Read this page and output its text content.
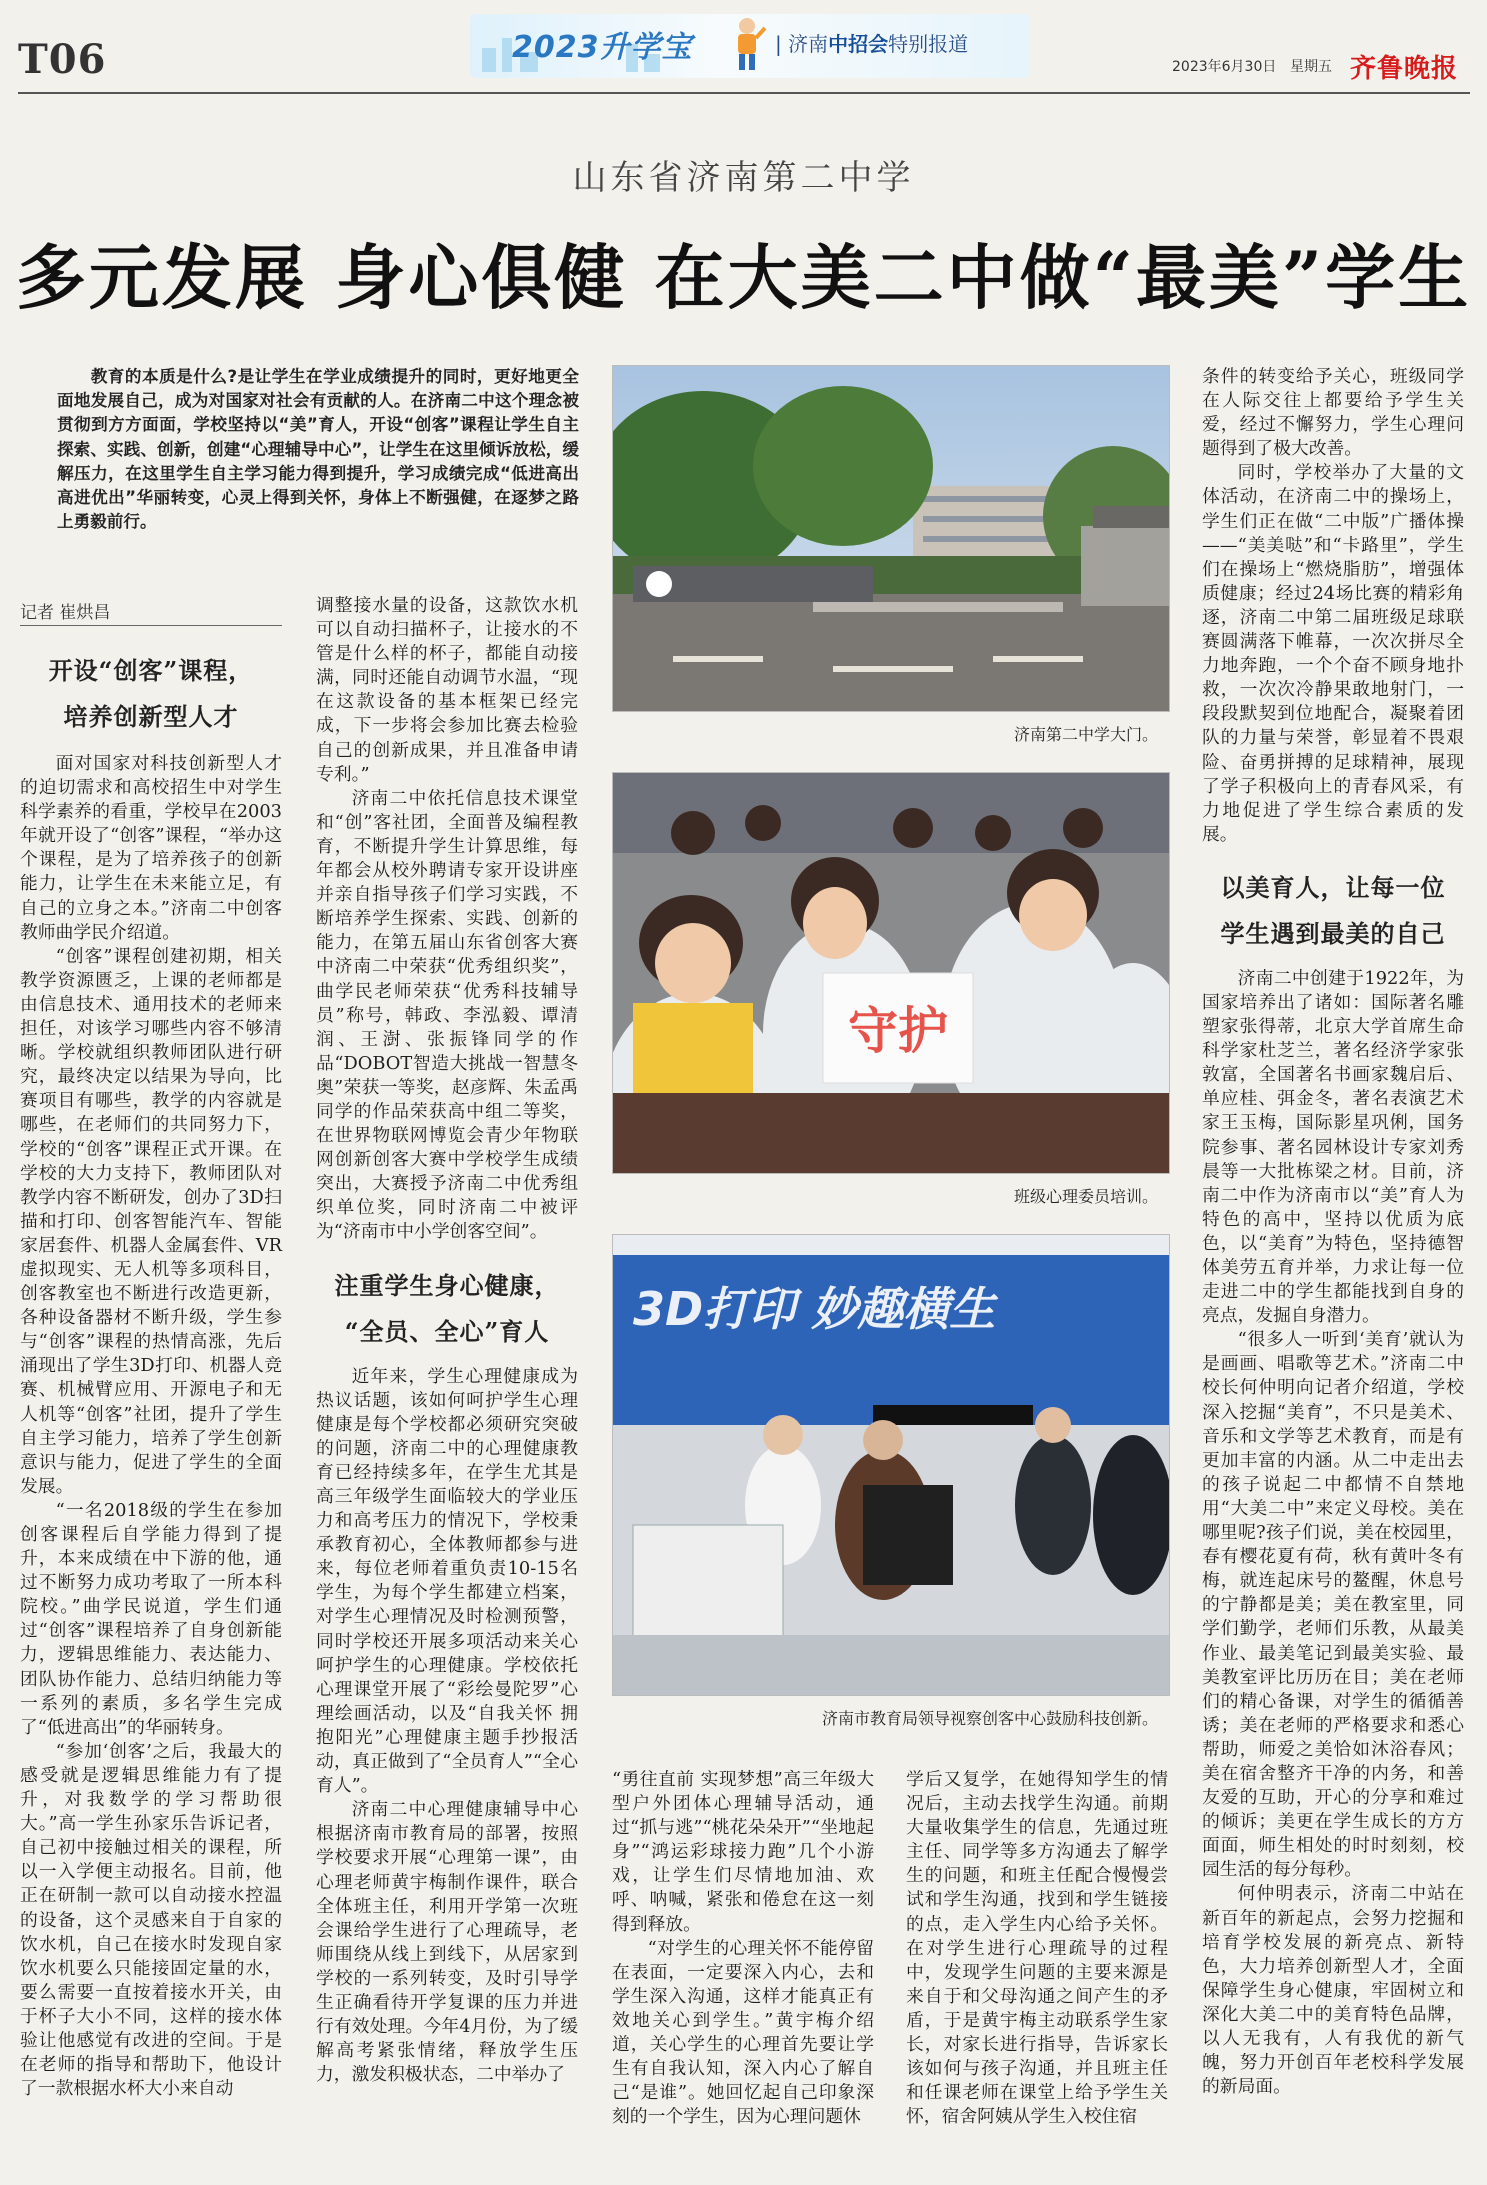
T06	2023升学宝	| 济南中招会特别报道
2023年6月30日 星期五 齐鲁晚报
山东省济南第二中学
多元发展 身心俱健 在大美二中做“最美”学生
教育的本质是什么?是让学生在学业成绩提升的同时，更好地更全面地发展自己，成为对国家对社会有贡献的人。在济南二中这个理念被贯彻到方方面面，学校坚持以“美”育人，开设“创客”课程让学生自主探索、实践、创新，创建“心理辅导中心”，让学生在这里倾诉放松，缓解压力，在这里学生自主学习能力得到提升，学习成绩完成“低进高出 高进优出”华丽转变，心灵上得到关怀，身体上不断强健，在逐梦之路上勇毅前行。
记者 崔烘昌
开设“创客”课程，
培养创新型人才

面对国家对科技创新型人才的迫切需求和高校招生中对学生科学素养的看重，学校早在2003年就开设了“创客”课程，“举办这个课程，是为了培养孩子的创新能力，让学生在未来能立足，有自己的立身之本。”济南二中创客教师曲学民介绍道。

“创客”课程创建初期，相关教学资源匮乏，上课的老师都是由信息技术、通用技术的老师来担任，对该学习哪些内容不够清晰。学校就组织教师团队进行研究，最终决定以结果为导向，比赛项目有哪些，教学的内容就是哪些，在老师们的共同努力下，学校的“创客”课程正式开课。在学校的大力支持下，教师团队对教学内容不断研发，创办了3D扫描和打印、创客智能汽车、智能家居套件、机器人金属套件、VR虚拟现实、无人机等多项科目，创客教室也不断进行改造更新，各种设备器材不断升级，学生参与“创客”课程的热情高涨，先后涌现出了学生3D打印、机器人竞赛、机械臂应用、开源电子和无人机等“创客”社团，提升了学生自主学习能力，培养了学生创新意识与能力，促进了学生的全面发展。

“一名2018级的学生在参加创客课程后自学能力得到了提升，本来成绩在中下游的他，通过不断努力成功考取了一所本科院校。”曲学民说道，学生们通过“创客”课程培养了自身创新能力，逻辑思维能力、表达能力、团队协作能力、总结归纳能力等一系列的素质，多名学生完成了“低进高出”的华丽转身。

“参加‘创客’之后，我最大的感受就是逻辑思维能力有了提升，对我数学的学习帮助很大。”高一学生孙家乐告诉记者，自己初中接触过相关的课程，所以一入学便主动报名。目前，他正在研制一款可以自动接水控温的设备，这个灵感来自于自家的饮水机，自己在接水时发现自家饮水机要么只能接固定量的水，要么需要一直按着接水开关，由于杯子大小不同，这样的接水体验让他感觉有改进的空间。于是在老师的指导和帮助下，他设计了一款根据水杯大小来自动

调整接水量的设备，这款饮水机可以自动扫描杯子，让接水的不管是什么样的杯子，都能自动接满，同时还能自动调节水温，“现在这款设备的基本框架已经完成，下一步将会参加比赛去检验自己的创新成果，并且准备申请专利。”

济南二中依托信息技术课堂和“创”客社团，全面普及编程教育，不断提升学生计算思维，每年都会从校外聘请专家开设讲座并亲自指导孩子们学习实践，不断培养学生探索、实践、创新的能力，在第五届山东省创客大赛中济南二中荣获“优秀组织奖”，曲学民老师荣获“优秀科技辅导员”称号，韩政、李泓毅、谭清润、王澍、张振锋同学的作品“DOBOT智造大挑战一智慧冬奥”荣获一等奖，赵彦辉、朱孟禹同学的作品荣获高中组二等奖，在世界物联网博览会青少年物联网创新创客大赛中学校学生成绩突出，大赛授予济南二中优秀组织单位奖，同时济南二中被评为“济南市中小学创客空间”。

注重学生身心健康，
“全员、全心”育人

近年来，学生心理健康成为热议话题，该如何呵护学生心理健康是每个学校都必须研究突破的问题，济南二中的心理健康教育已经持续多年，在学生尤其是高三年级学生面临较大的学业压力和高考压力的情况下，学校秉承教育初心，全体教师都参与进来，每位老师着重负责10-15名学生，为每个学生都建立档案，对学生心理情况及时检测预警，同时学校还开展多项活动来关心呵护学生的心理健康。学校依托心理课堂开展了“彩绘曼陀罗”心理绘画活动，以及“自我关怀 拥抱阳光”心理健康主题手抄报活动，真正做到了“全员育人”“全心育人”。

济南二中心理健康辅导中心根据济南市教育局的部署，按照学校要求开展“心理第一课”，由心理老师黄宇梅制作课件，联合全体班主任，利用开学第一次班会课给学生进行了心理疏导，老师围绕从线上到线下，从居家到学校的一系列转变，及时引导学生正确看待开学复课的压力并进行有效处理。今年4月份，为了缓解高考紧张情绪，释放学生压力，激发积极状态，二中举办了

济南第二中学大门。
守护
班级心理委员培训。
3D打印 妙趣横生
济南市教育局领导视察创客中心鼓励科技创新。

“勇往直前 实现梦想”高三年级大型户外团体心理辅导活动，通过“抓与逃”“桃花朵朵开”“坐地起身”“鸿运彩球接力跑”几个小游戏，让学生们尽情地加油、欢呼、呐喊，紧张和倦怠在这一刻得到释放。

“对学生的心理关怀不能停留在表面，一定要深入内心，去和学生深入沟通，这样才能真正有效地关心到学生。”黄宇梅介绍道，关心学生的心理首先要让学生有自我认知，深入内心了解自己“是谁”。她回忆起自己印象深刻的一个学生，因为心理问题休

学后又复学，在她得知学生的情况后，主动去找学生沟通。前期大量收集学生的信息，先通过班主任、同学等多方沟通去了解学生的问题，和班主任配合慢慢尝试和学生沟通，找到和学生链接的点，走入学生内心给予关怀。在对学生进行心理疏导的过程中，发现学生问题的主要来源是来自于和父母沟通之间产生的矛盾，于是黄宇梅主动联系学生家长，对家长进行指导，告诉家长该如何与孩子沟通，并且班主任和任课老师在课堂上给予学生关怀，宿舍阿姨从学生入校住宿

条件的转变给予关心，班级同学在人际交往上都要给予学生关爱，经过不懈努力，学生心理问题得到了极大改善。

同时，学校举办了大量的文体活动，在济南二中的操场上，学生们正在做“二中版”广播体操——“美美哒”和“卡路里”，学生们在操场上“燃烧脂肪”，增强体质健康；经过24场比赛的精彩角逐，济南二中第二届班级足球联赛圆满落下帷幕，一次次拼尽全力地奔跑，一个个奋不顾身地扑救，一次次冷静果敢地射门，一段段默契到位地配合，凝聚着团队的力量与荣誉，彰显着不畏艰险、奋勇拼搏的足球精神，展现了学子积极向上的青春风采，有力地促进了学生综合素质的发展。

以美育人，让每一位
学生遇到最美的自己

济南二中创建于1922年，为国家培养出了诸如：国际著名雕塑家张得蒂，北京大学首席生命科学家杜芝兰，著名经济学家张敦富，全国著名书画家魏启后、单应桂、弭金冬，著名表演艺术家王玉梅，国际影星巩俐，国务院参事、著名园林设计专家刘秀晨等一大批栋梁之材。目前，济南二中作为济南市以“美”育人为特色的高中，坚持以优质为底色，以“美育”为特色，坚持德智体美劳五育并举，力求让每一位走进二中的学生都能找到自身的亮点，发掘自身潜力。

“很多人一听到‘美育’就认为是画画、唱歌等艺术。”济南二中校长何仲明向记者介绍道，学校深入挖掘“美育”，不只是美术、音乐和文学等艺术教育，而是有更加丰富的内涵。从二中走出去的孩子说起二中都情不自禁地用“大美二中”来定义母校。美在哪里呢?孩子们说，美在校园里，春有樱花夏有荷，秋有黄叶冬有梅，就连起床号的鳌醒，休息号的宁静都是美；美在教室里，同学们勤学，老师们乐教，从最美作业、最美笔记到最美实验、最美教室评比历历在目；美在老师们的精心备课，对学生的循循善诱；美在老师的严格要求和悉心帮助，师爱之美恰如沐浴春风；美在宿舍整齐干净的内务，和善友爱的互助，开心的分享和难过的倾诉；美更在学生成长的方方面面，师生相处的时时刻刻，校园生活的每分每秒。

何仲明表示，济南二中站在新百年的新起点，会努力挖掘和培育学校发展的新亮点、新特色，大力培养创新型人才，全面保障学生身心健康，牢固树立和深化大美二中的美育特色品牌，以人无我有，人有我优的新气魄，努力开创百年老校科学发展的新局面。
